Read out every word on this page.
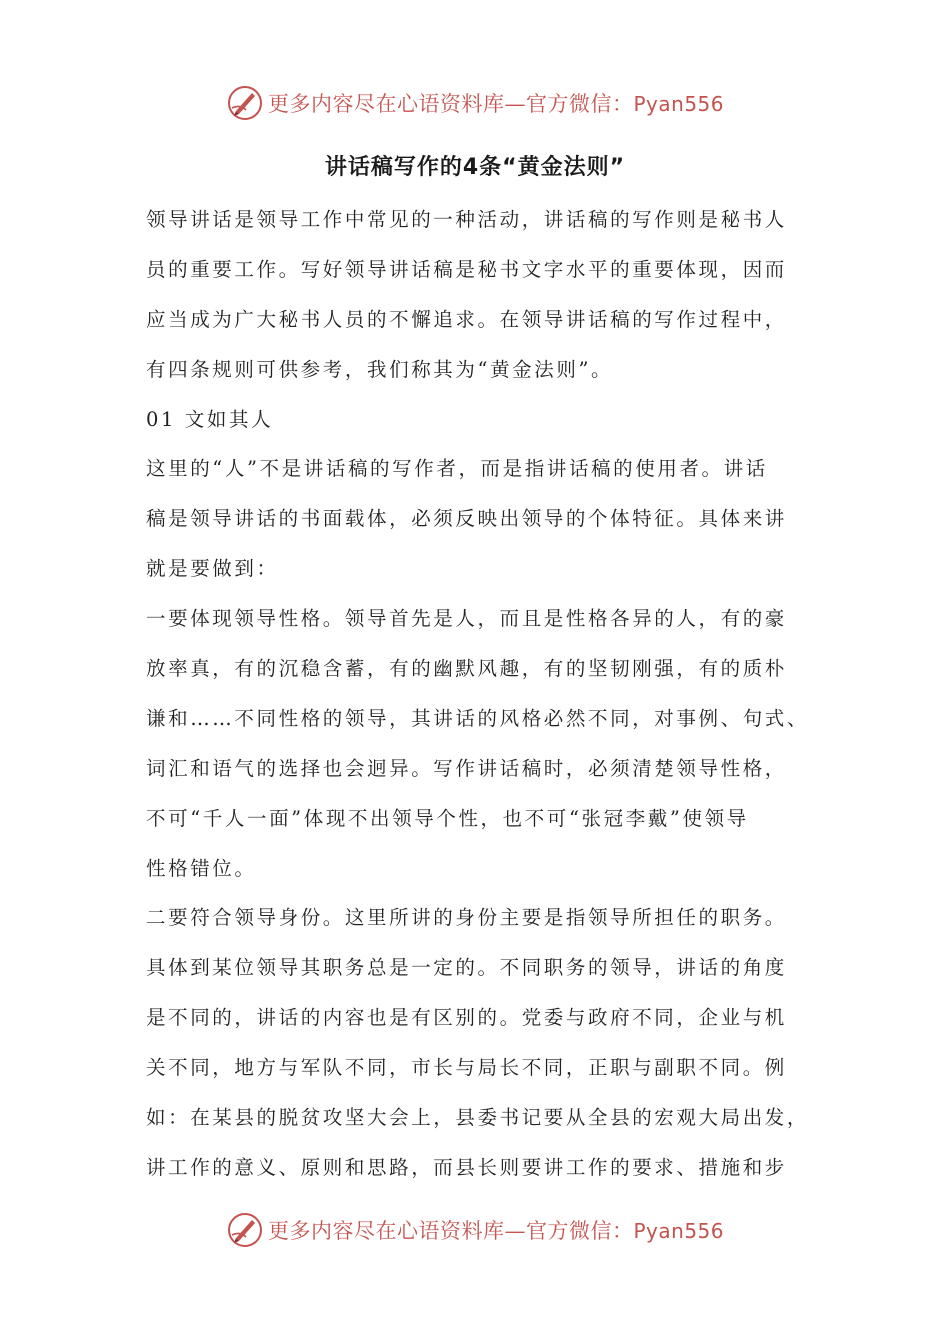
更多内容尽在心语资料库—官方微信：Pyan556
讲话稿写作的4条“黄金法则”
领导讲话是领导工作中常见的一种活动，讲话稿的写作则是秘书人
员的重要工作。写好领导讲话稿是秘书文字水平的重要体现，因而
应当成为广大秘书人员的不懈追求。在领导讲话稿的写作过程中，
有四条规则可供参考，我们称其为“黄金法则”。
01 文如其人
这里的“人”不是讲话稿的写作者，而是指讲话稿的使用者。讲话
稿是领导讲话的书面载体，必须反映出领导的个体特征。具体来讲
就是要做到：
一要体现领导性格。领导首先是人，而且是性格各异的人，有的豪
放率真，有的沉稳含蓄，有的幽默风趣，有的坚韧刚强，有的质朴
谦和……不同性格的领导，其讲话的风格必然不同，对事例、句式、
词汇和语气的选择也会迥异。写作讲话稿时，必须清楚领导性格，
不可“千人一面”体现不出领导个性，也不可“张冠李戴”使领导
性格错位。
二要符合领导身份。这里所讲的身份主要是指领导所担任的职务。
具体到某位领导其职务总是一定的。不同职务的领导，讲话的角度
是不同的，讲话的内容也是有区别的。党委与政府不同，企业与机
关不同，地方与军队不同，市长与局长不同，正职与副职不同。例
如：在某县的脱贫攻坚大会上，县委书记要从全县的宏观大局出发，
讲工作的意义、原则和思路，而县长则要讲工作的要求、措施和步
更多内容尽在心语资料库—官方微信：Pyan556
